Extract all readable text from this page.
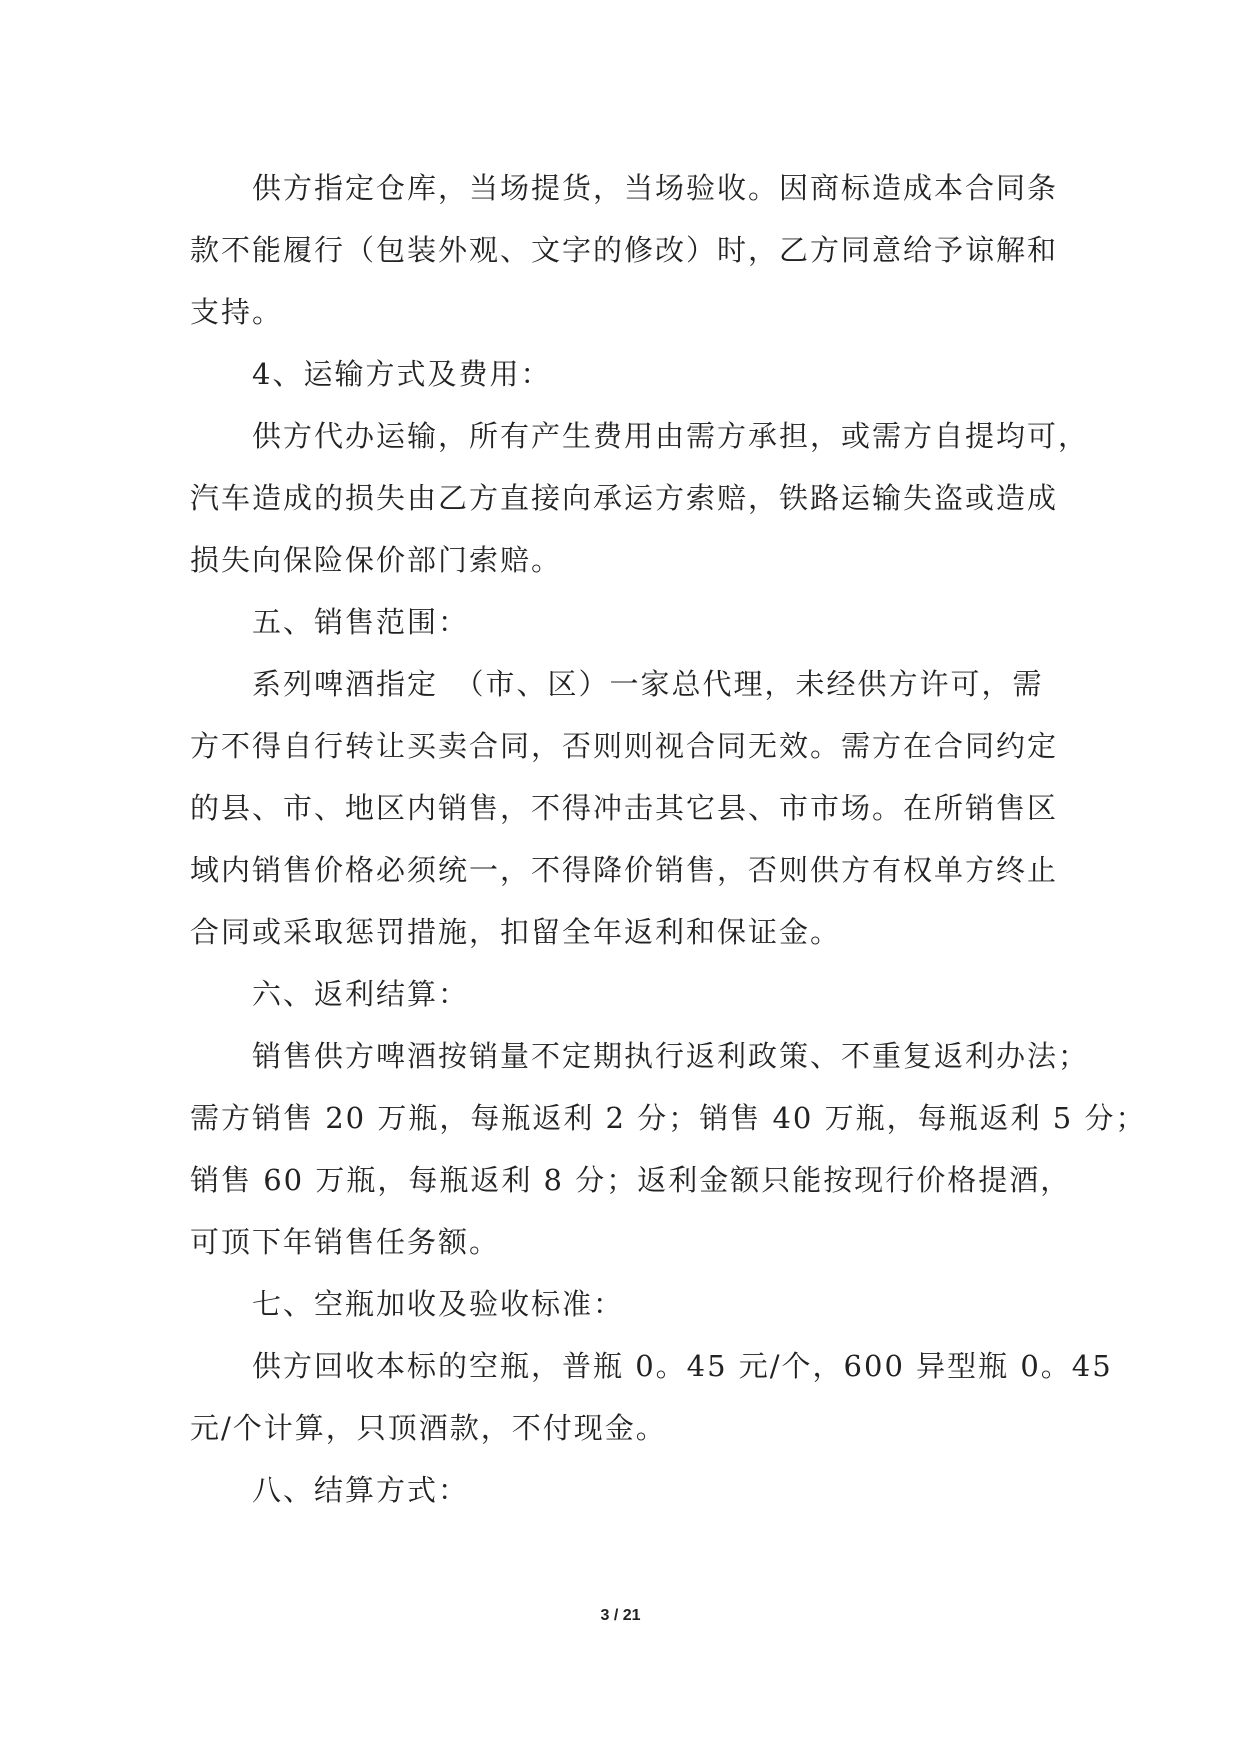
供方指定仓库，当场提货，当场验收。因商标造成本合同条
款不能履行（包装外观、文字的修改）时，乙方同意给予谅解和
支持。
4、运输方式及费用：
供方代办运输，所有产生费用由需方承担，或需方自提均可，
汽车造成的损失由乙方直接向承运方索赔，铁路运输失盗或造成
损失向保险保价部门索赔。
五、销售范围：
系列啤酒指定　（市、区）一家总代理，未经供方许可，需
方不得自行转让买卖合同，否则则视合同无效。需方在合同约定
的县、市、地区内销售，不得冲击其它县、市市场。在所销售区
域内销售价格必须统一，不得降价销售，否则供方有权单方终止
合同或采取惩罚措施，扣留全年返利和保证金。
六、返利结算：
销售供方啤酒按销量不定期执行返利政策、不重复返利办法；
需方销售 20 万瓶，每瓶返利 2 分；销售 40 万瓶，每瓶返利 5 分；
销售 60 万瓶，每瓶返利 8 分；返利金额只能按现行价格提酒，
可顶下年销售任务额。
七、空瓶加收及验收标准：
供方回收本标的空瓶，普瓶 0。45 元/个，600 异型瓶 0。45
元/个计算，只顶酒款，不付现金。
八、结算方式：
3 / 21
